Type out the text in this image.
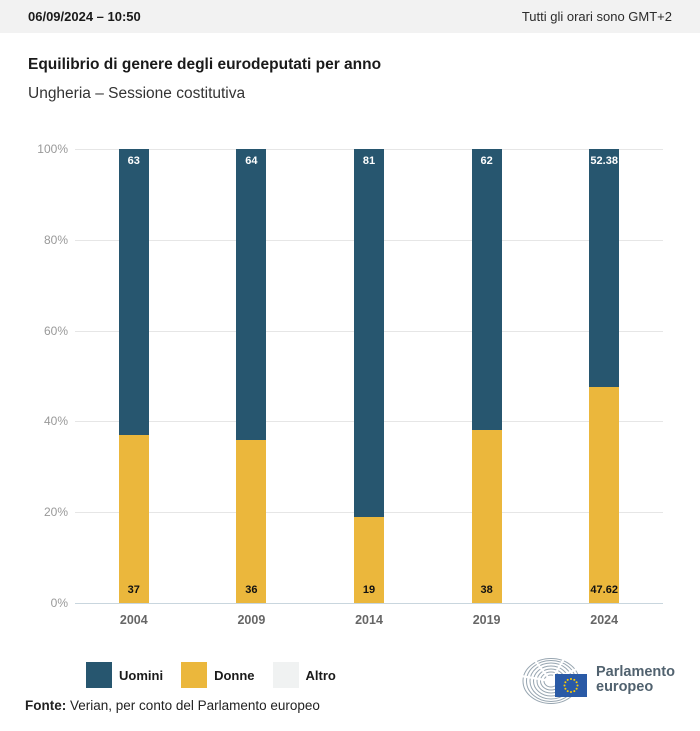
06/09/2024 – 10:50	Tutti gli orari sono GMT+2
Equilibrio di genere degli eurodeputati per anno
Ungheria – Sessione costitutiva
100%
80%
60%
40%
20%
0%
63
37
2004
64
36
2009
81
19
2014
62
38
2019
52.38
47.62
2024
Uomini	Donne	Altro
Fonte: Verian, per conto del Parlamento europeo
Parlamento
europeo
